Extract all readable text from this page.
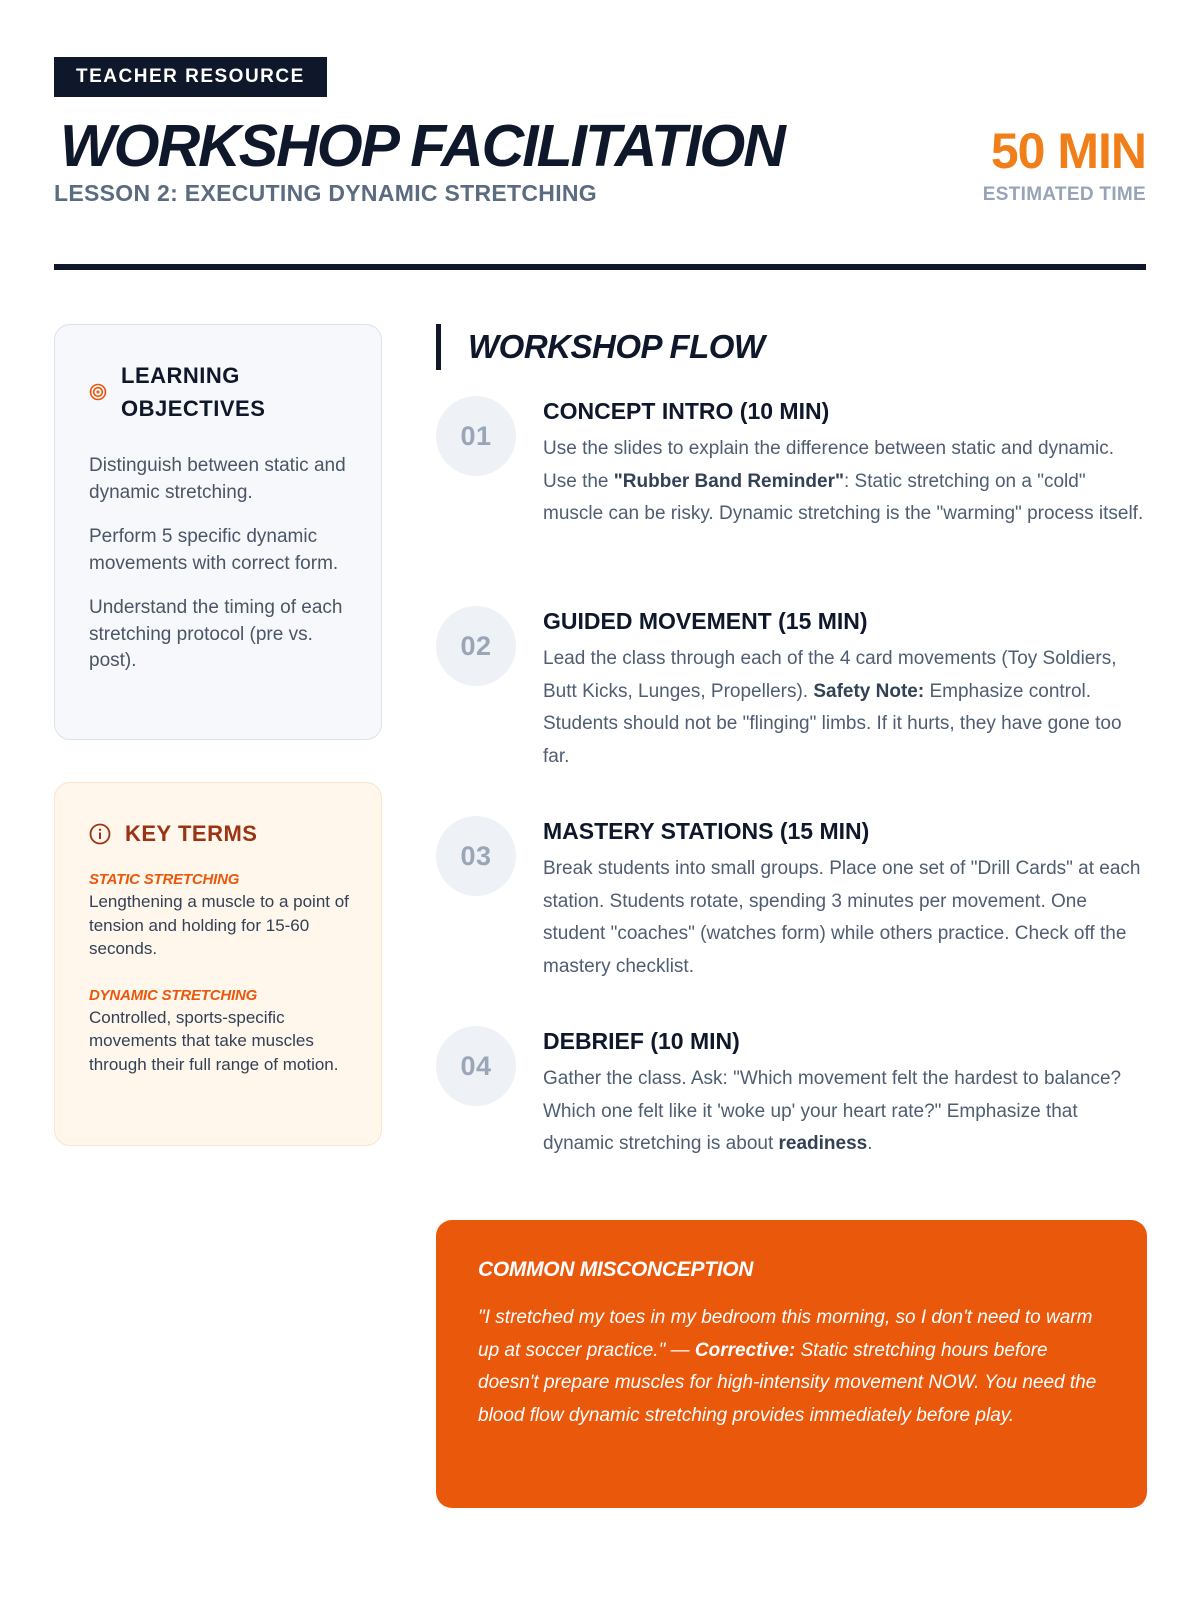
TEACHER RESOURCE
WORKSHOP FACILITATION
LESSON 2: EXECUTING DYNAMIC STRETCHING
50 MIN
ESTIMATED TIME
LEARNING
OBJECTIVES
Distinguish between static and dynamic stretching.
Perform 5 specific dynamic movements with correct form.
Understand the timing of each stretching protocol (pre vs. post).
KEY TERMS
STATIC STRETCHING
Lengthening a muscle to a point of tension and holding for 15-60 seconds.
DYNAMIC STRETCHING
Controlled, sports-specific movements that take muscles through their full range of motion.
WORKSHOP FLOW
01
CONCEPT INTRO (10 MIN)
Use the slides to explain the difference between static and dynamic. Use the "Rubber Band Reminder": Static stretching on a "cold" muscle can be risky. Dynamic stretching is the "warming" process itself.
02
GUIDED MOVEMENT (15 MIN)
Lead the class through each of the 4 card movements (Toy Soldiers, Butt Kicks, Lunges, Propellers). Safety Note: Emphasize control. Students should not be "flinging" limbs. If it hurts, they have gone too far.
03
MASTERY STATIONS (15 MIN)
Break students into small groups. Place one set of "Drill Cards" at each station. Students rotate, spending 3 minutes per movement. One student "coaches" (watches form) while others practice. Check off the mastery checklist.
04
DEBRIEF (10 MIN)
Gather the class. Ask: "Which movement felt the hardest to balance? Which one felt like it 'woke up' your heart rate?" Emphasize that dynamic stretching is about readiness.
COMMON MISCONCEPTION
"I stretched my toes in my bedroom this morning, so I don't need to warm up at soccer practice." — Corrective: Static stretching hours before doesn't prepare muscles for high-intensity movement NOW. You need the blood flow dynamic stretching provides immediately before play.
